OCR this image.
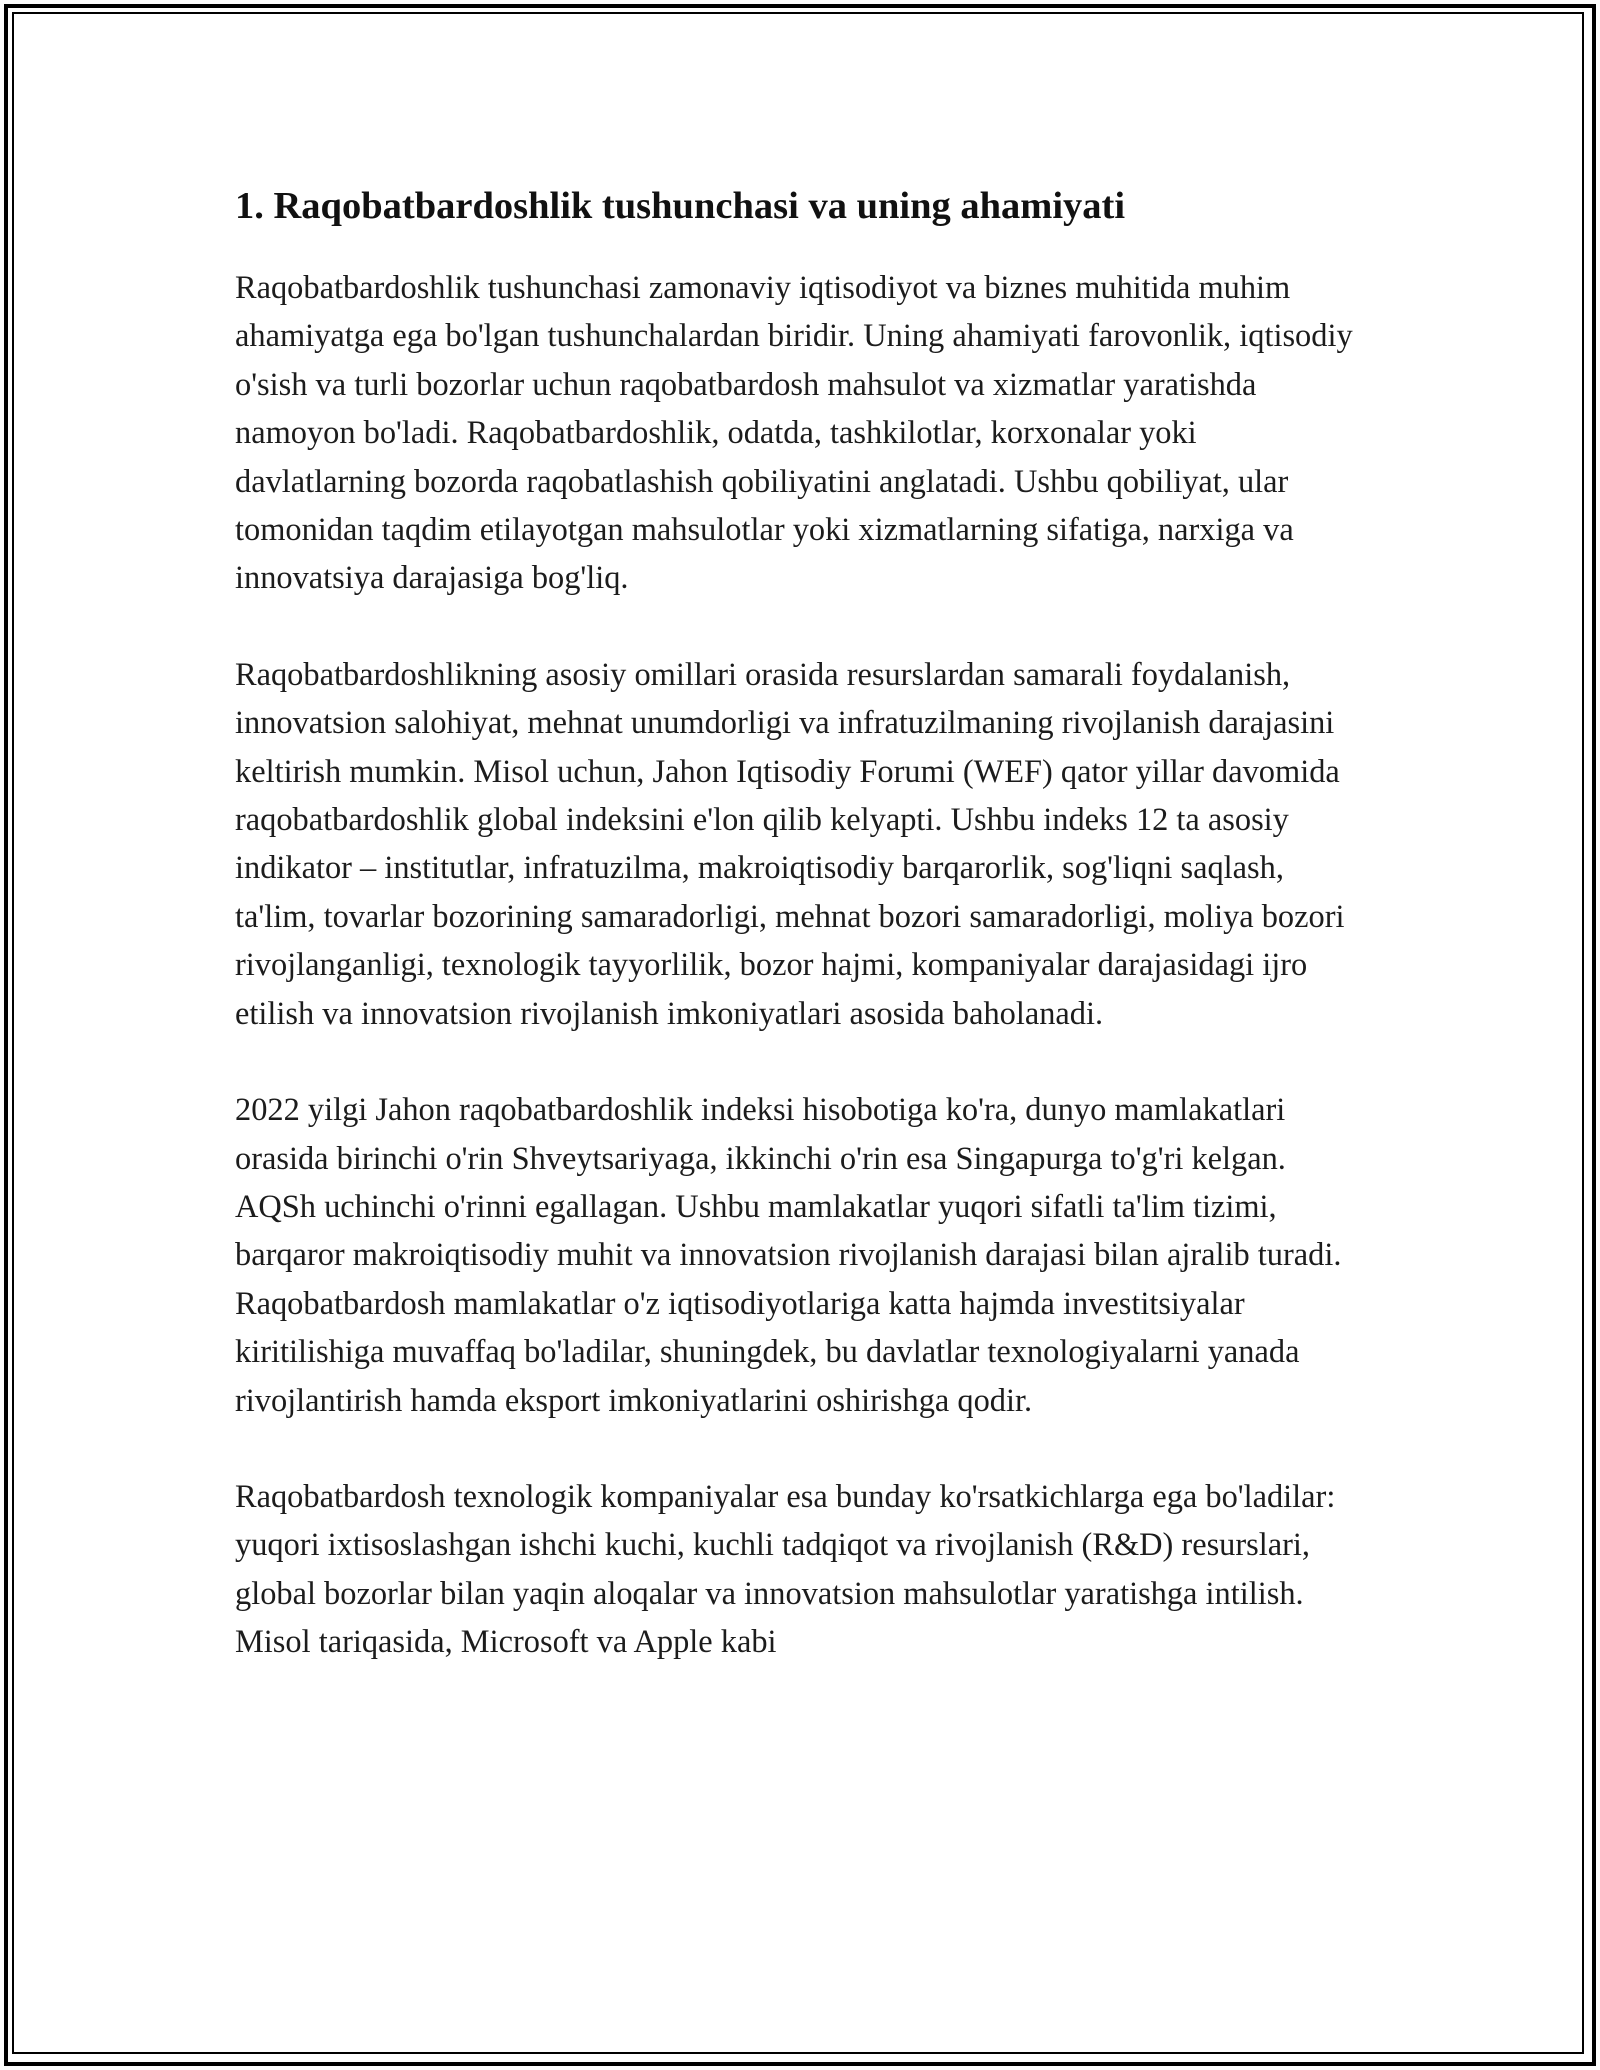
1. Raqobatbardoshlik tushunchasi va uning ahamiyati

Raqobatbardoshlik tushunchasi zamonaviy iqtisodiyot va biznes muhitida muhim ahamiyatga ega bo'lgan tushunchalardan biridir. Uning ahamiyati farovonlik, iqtisodiy o'sish va turli bozorlar uchun raqobatbardosh mahsulot va xizmatlar yaratishda namoyon bo'ladi. Raqobatbardoshlik, odatda, tashkilotlar, korxonalar yoki davlatlarning bozorda raqobatlashish qobiliyatini anglatadi. Ushbu qobiliyat, ular tomonidan taqdim etilayotgan mahsulotlar yoki xizmatlarning sifatiga, narxiga va innovatsiya darajasiga bog'liq.

Raqobatbardoshlikning asosiy omillari orasida resurslardan samarali foydalanish, innovatsion salohiyat, mehnat unumdorligi va infratuzilmaning rivojlanish darajasini keltirish mumkin. Misol uchun, Jahon Iqtisodiy Forumi (WEF) qator yillar davomida raqobatbardoshlik global indeksini e'lon qilib kelyapti. Ushbu indeks 12 ta asosiy indikator – institutlar, infratuzilma, makroiqtisodiy barqarorlik, sog'liqni saqlash, ta'lim, tovarlar bozorining samaradorligi, mehnat bozori samaradorligi, moliya bozori rivojlanganligi, texnologik tayyorlilik, bozor hajmi, kompaniyalar darajasidagi ijro etilish va innovatsion rivojlanish imkoniyatlari asosida baholanadi.

2022 yilgi Jahon raqobatbardoshlik indeksi hisobotiga ko'ra, dunyo mamlakatlari orasida birinchi o'rin Shveytsariyaga, ikkinchi o'rin esa Singapurga to'g'ri kelgan. AQSh uchinchi o'rinni egallagan. Ushbu mamlakatlar yuqori sifatli ta'lim tizimi, barqaror makroiqtisodiy muhit va innovatsion rivojlanish darajasi bilan ajralib turadi. Raqobatbardosh mamlakatlar o'z iqtisodiyotlariga katta hajmda investitsiyalar kiritilishiga muvaffaq bo'ladilar, shuningdek, bu davlatlar texnologiyalarni yanada rivojlantirish hamda eksport imkoniyatlarini oshirishga qodir.

Raqobatbardosh texnologik kompaniyalar esa bunday ko'rsatkichlarga ega bo'ladilar: yuqori ixtisoslashgan ishchi kuchi, kuchli tadqiqot va rivojlanish (R&D) resurslari, global bozorlar bilan yaqin aloqalar va innovatsion mahsulotlar yaratishga intilish. Misol tariqasida, Microsoft va Apple kabi
